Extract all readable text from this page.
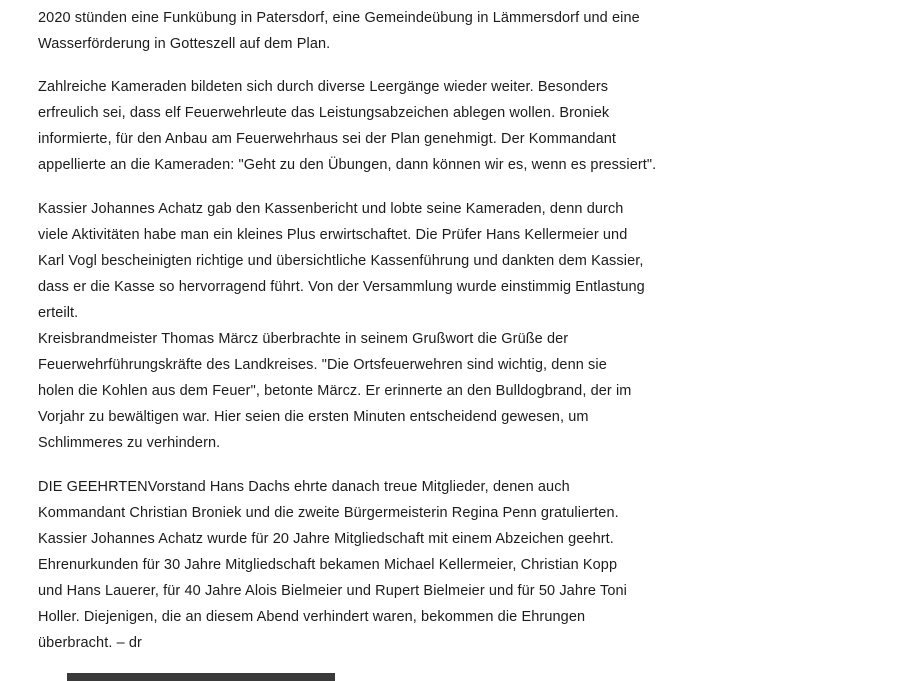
2020 stünden eine Funkübung in Patersdorf, eine Gemeindeübung in Lämmersdorf und eine
Wasserförderung in Gotteszell auf dem Plan.

Zahlreiche Kameraden bildeten sich durch diverse Leergänge wieder weiter. Besonders
erfreulich sei, dass elf Feuerwehrleute das Leistungsabzeichen ablegen wollen. Broniek
informierte, für den Anbau am Feuerwehrhaus sei der Plan genehmigt. Der Kommandant
appellierte an die Kameraden: "Geht zu den Übungen, dann können wir es, wenn es pressiert".

Kassier Johannes Achatz gab den Kassenbericht und lobte seine Kameraden, denn durch
viele Aktivitäten habe man ein kleines Plus erwirtschaftet. Die Prüfer Hans Kellermeier und
Karl Vogl bescheinigten richtige und übersichtliche Kassenführung und dankten dem Kassier,
dass er die Kasse so hervorragend führt. Von der Versammlung wurde einstimmig Entlastung
erteilt.

Kreisbrandmeister Thomas Märcz überbrachte in seinem Grußwort die Grüße der
Feuerwehrführungskräfte des Landkreises. "Die Ortsfeuerwehren sind wichtig, denn sie
holen die Kohlen aus dem Feuer", betonte Märcz. Er erinnerte an den Bulldogbrand, der im
Vorjahr zu bewältigen war. Hier seien die ersten Minuten entscheidend gewesen, um
Schlimmeres zu verhindern.

DIE GEEHRTENVorstand Hans Dachs ehrte danach treue Mitglieder, denen auch
Kommandant Christian Broniek und die zweite Bürgermeisterin Regina Penn gratulierten.
Kassier Johannes Achatz wurde für 20 Jahre Mitgliedschaft mit einem Abzeichen geehrt.
Ehrenurkunden für 30 Jahre Mitgliedschaft bekamen Michael Kellermeier, Christian Kopp
und Hans Lauerer, für 40 Jahre Alois Bielmeier und Rupert Bielmeier und für 50 Jahre Toni
Holler. Diejenigen, die an diesem Abend verhindert waren, bekommen die Ehrungen
überbracht. – dr
